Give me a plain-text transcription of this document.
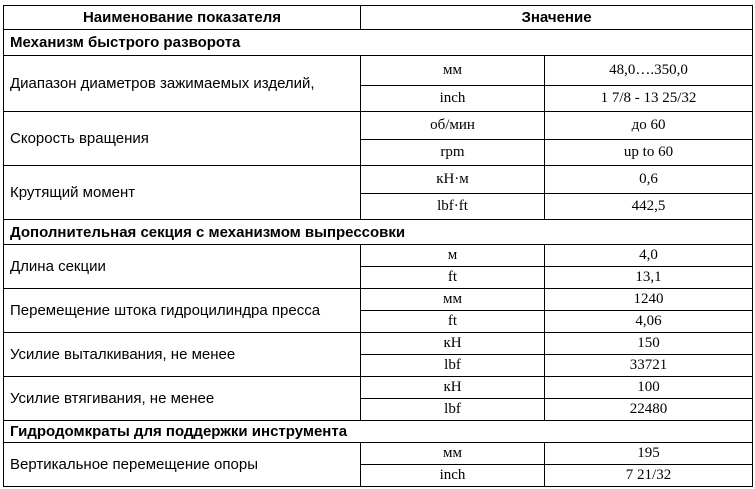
Наименование показателя	Значение	
Механизм быстрого разворота		
Диапазон диаметров зажимаемых изделий,	мм	48,0….350,0
	inch	1 7/8 - 13 25/32
Скорость вращения	об/мин	до 60
	rpm	up to 60
Крутящий момент	кН·м	0,6
	lbf·ft	442,5
Дополнительная секция с механизмом выпрессовки		
Длина секции	м	4,0
	ft	13,1
Перемещение штока гидроцилиндра пресса	мм	1240
	ft	4,06
Усилие выталкивания, не менее	кН	150
	lbf	33721
Усилие втягивания, не менее	кН	100
	lbf	22480
Гидродомкраты для поддержки инструмента		
Вертикальное перемещение опоры	мм	195
	inch	7 21/32
